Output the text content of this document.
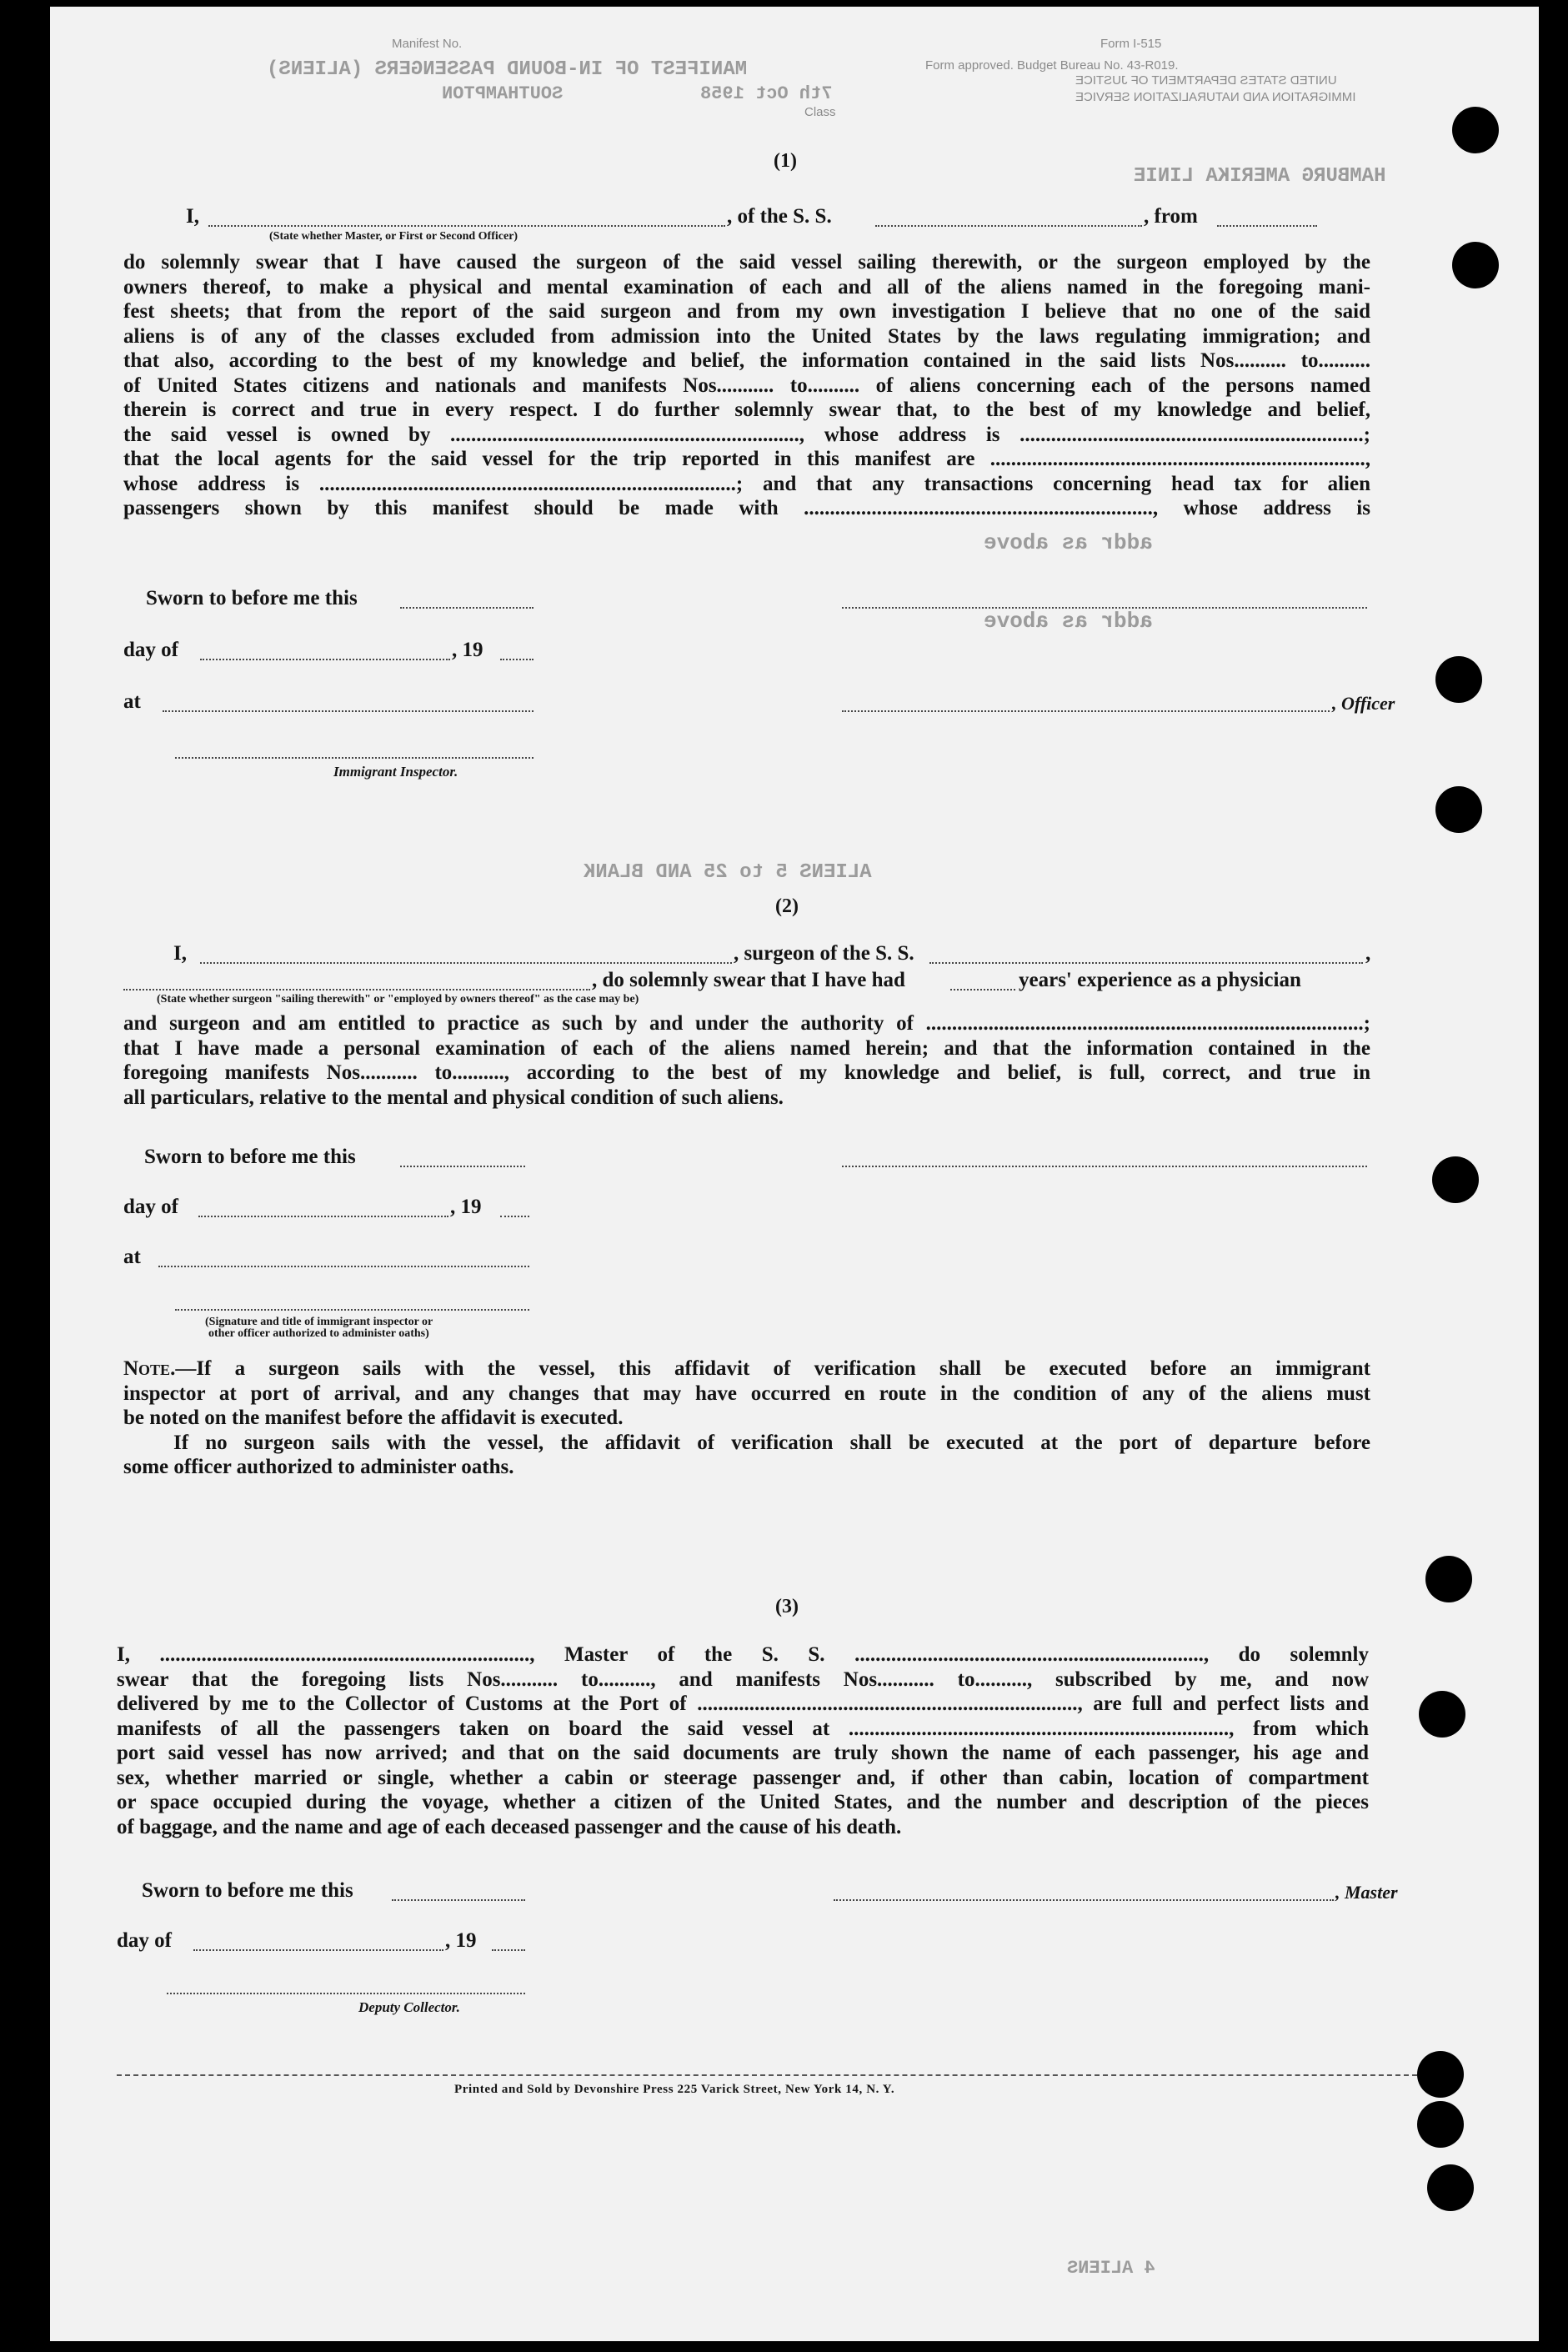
Manifest No.
MANIFEST OF IN-BOUND PASSENGERS (ALIENS)
SOUTHAMPTON	7th Oct 1958
Form approved. Budget Bureau No. 43-R019.
Class
Form I-515
UNITED STATES DEPARTMENT OF JUSTICE
IMMIGRATION AND NATURALIZATION SERVICE
HAMBURG AMERIKA LINIE
(1)
I,	, of the S. S.	, from
(State whether Master, or First or Second Officer)
do solemnly swear that I have caused the surgeon of the said vessel sailing therewith, or the surgeon employed by the
owners thereof, to make a physical and mental examination of each and all of the aliens named in the foregoing mani-
fest sheets; that from the report of the said surgeon and from my own investigation I believe that no one of the said
aliens is of any of the classes excluded from admission into the United States by the laws regulating immigration; and
that also, according to the best of my knowledge and belief, the information contained in the said lists Nos.......... to..........
of United States citizens and nationals and manifests Nos........... to.......... of aliens concerning each of the persons named
therein is correct and true in every respect. I do further solemnly swear that, to the best of my knowledge and belief,
the said vessel is owned by ..................................................................., whose address is ..................................................................;
that the local agents for the said vessel for the trip reported in this manifest are ........................................................................,
whose address is ................................................................................; and that any transactions concerning head tax for alien
passengers shown by this manifest should be made with ..................................................................., whose address is
addr as above
addr as above
Sworn to before me this
day of	, 19
at	, Officer
Immigrant Inspector.
ALIENS 5 to 25 AND BLANK
(2)
I,	, surgeon of the S. S.	,
, do solemnly swear that I have had	years' experience as a physician
(State whether surgeon "sailing therewith" or "employed by owners thereof" as the case may be)
and surgeon and am entitled to practice as such by and under the authority of ....................................................................................;
that I have made a personal examination of each of the aliens named herein; and that the information contained in the
foregoing manifests Nos........... to.........., according to the best of my knowledge and belief, is full, correct, and true in
all particulars, relative to the mental and physical condition of such aliens.
Sworn to before me this
day of	, 19
at
(Signature and title of immigrant inspector or
other officer authorized to administer oaths)
Note.—If a surgeon sails with the vessel, this affidavit of verification shall be executed before an immigrant
inspector at port of arrival, and any changes that may have occurred en route in the condition of any of the aliens must
be noted on the manifest before the affidavit is executed.
If no surgeon sails with the vessel, the affidavit of verification shall be executed at the port of departure before
some officer authorized to administer oaths.
(3)
I, ......................................................................., Master of the S. S. ..................................................................., do solemnly
swear that the foregoing lists Nos........... to.........., and manifests Nos........... to.........., subscribed by me, and now
delivered by me to the Collector of Customs at the Port of ........................................................................., are full and perfect lists and
manifests of all the passengers taken on board the said vessel at ........................................................................., from which
port said vessel has now arrived; and that on the said documents are truly shown the name of each passenger, his age and
sex, whether married or single, whether a cabin or steerage passenger and, if other than cabin, location of compartment
or space occupied during the voyage, whether a citizen of the United States, and the number and description of the pieces
of baggage, and the name and age of each deceased passenger and the cause of his death.
Sworn to before me this	, Master
day of	, 19
Deputy Collector.
Printed and Sold by Devonshire Press 225 Varick Street, New York 14, N. Y.
4 ALIENS
